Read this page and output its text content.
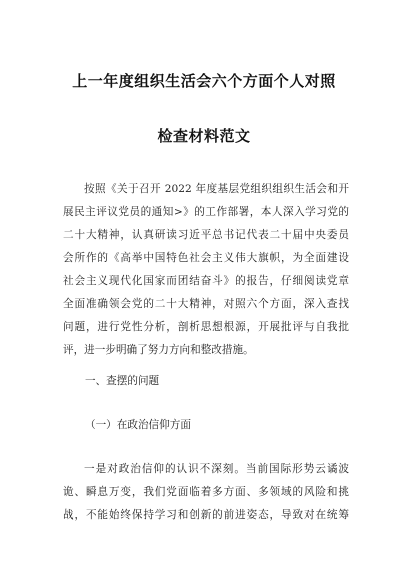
上一年度组织生活会六个方面个人对照
检查材料范文
按照《关于召开 2022 年度基层党组织组织生活会和开
展民主评议党员的通知>》的工作部署，本人深入学习党的
二十大精神，认真研读习近平总书记代表二十届中央委员
会所作的《高举中国特色社会主义伟大旗帜，为全面建设
社会主义现代化国家而团结奋斗》的报告，仔细阅读党章
全面准确领会党的二十大精神，对照六个方面，深入查找
问题，进行党性分析，剖析思想根源，开展批评与自我批
评，进一步明确了努力方向和整改措施。
一、查摆的问题
（一）在政治信仰方面
一是对政治信仰的认识不深刻。当前国际形势云谲波
诡、瞬息万变，我们党面临着多方面、多领域的风险和挑
战，不能始终保持学习和创新的前进姿态，导致对在统筹
